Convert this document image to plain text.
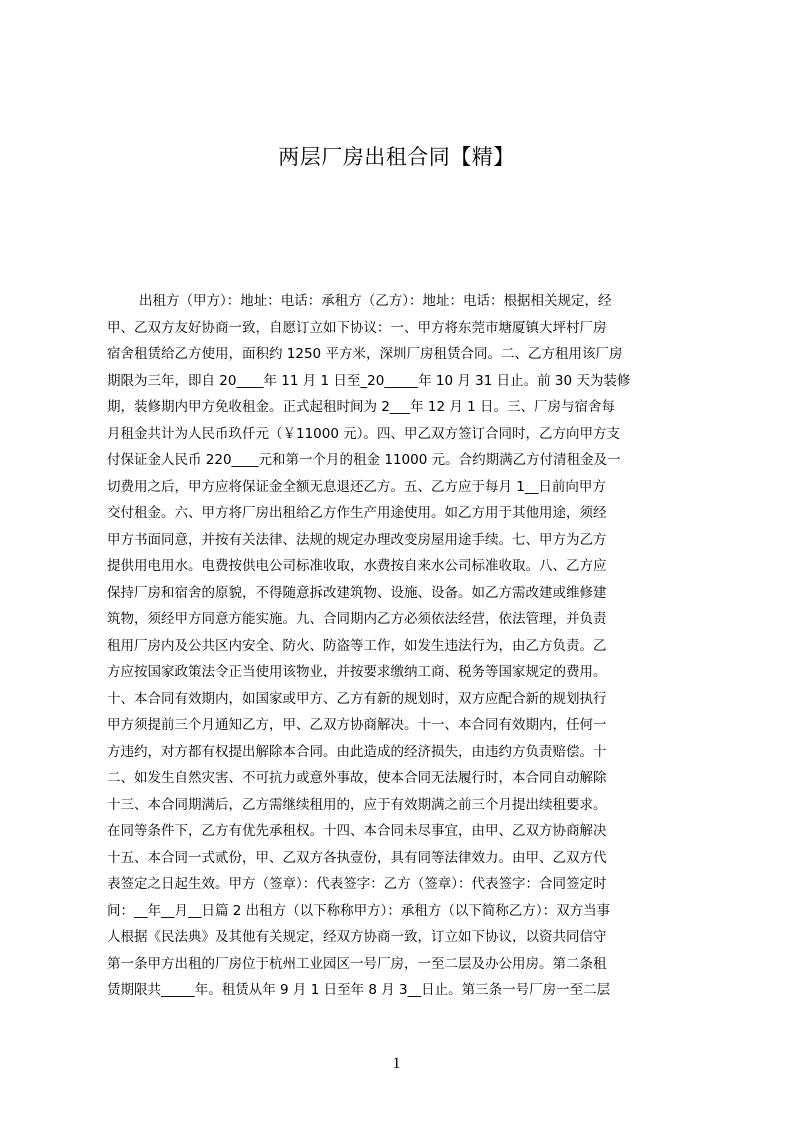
两层厂房出租合同【精】
出租方（甲方）：地址：电话：承租方（乙方）：地址：电话：根据相关规定，经
甲、乙双方友好协商一致，自愿订立如下协议：一、甲方将东莞市塘厦镇大坪村厂房
宿舍租赁给乙方使用，面积约 1250 平方米，深圳厂房租赁合同。二、乙方租用该厂房
期限为三年，即自 20____年 11 月 1 日至_20_____年 10 月 31 日止。前 30 天为装修
期，装修期内甲方免收租金。正式起租时间为 2___年 12 月 1 日。三、厂房与宿舍每
月租金共计为人民币玖仟元（￥11000 元）。四、甲乙双方签订合同时，乙方向甲方支
付保证金人民币 220____元和第一个月的租金 11000 元。合约期满乙方付清租金及一
切费用之后，甲方应将保证金全额无息退还乙方。五、乙方应于每月 1__日前向甲方
交付租金。六、甲方将厂房出租给乙方作生产用途使用。如乙方用于其他用途，须经
甲方书面同意，并按有关法律、法规的规定办理改变房屋用途手续。七、甲方为乙方
提供用电用水。电费按供电公司标准收取，水费按自来水公司标准收取。八、乙方应
保持厂房和宿舍的原貌，不得随意拆改建筑物、设施、设备。如乙方需改建或维修建
筑物，须经甲方同意方能实施。九、合同期内乙方必须依法经营，依法管理，并负责
租用厂房内及公共区内安全、防火、防盗等工作，如发生违法行为，由乙方负责。乙
方应按国家政策法令正当使用该物业，并按要求缴纳工商、税务等国家规定的费用。
十、本合同有效期内，如国家或甲方、乙方有新的规划时，双方应配合新的规划执行
甲方须提前三个月通知乙方，甲、乙双方协商解决。十一、本合同有效期内，任何一
方违约，对方都有权提出解除本合同。由此造成的经济损失，由违约方负责赔偿。十
二、如发生自然灾害、不可抗力或意外事故，使本合同无法履行时，本合同自动解除
十三、本合同期满后，乙方需继续租用的，应于有效期满之前三个月提出续租要求。
在同等条件下，乙方有优先承租权。十四、本合同未尽事宜，由甲、乙双方协商解决
十五、本合同一式贰份，甲、乙双方各执壹份，具有同等法律效力。由甲、乙双方代
表签定之日起生效。甲方（签章）：代表签字：乙方（签章）：代表签字：合同签定时
间：__年__月__日篇 2 出租方（以下称称甲方）：承租方（以下简称乙方）：双方当事
人根据《民法典》及其他有关规定，经双方协商一致，订立如下协议，以资共同信守
第一条甲方出租的厂房位于杭州工业园区一号厂房，一至二层及办公用房。第二条租
赁期限共_____年。租赁从年 9 月 1 日至年 8 月 3__日止。第三条一号厂房一至二层
1
